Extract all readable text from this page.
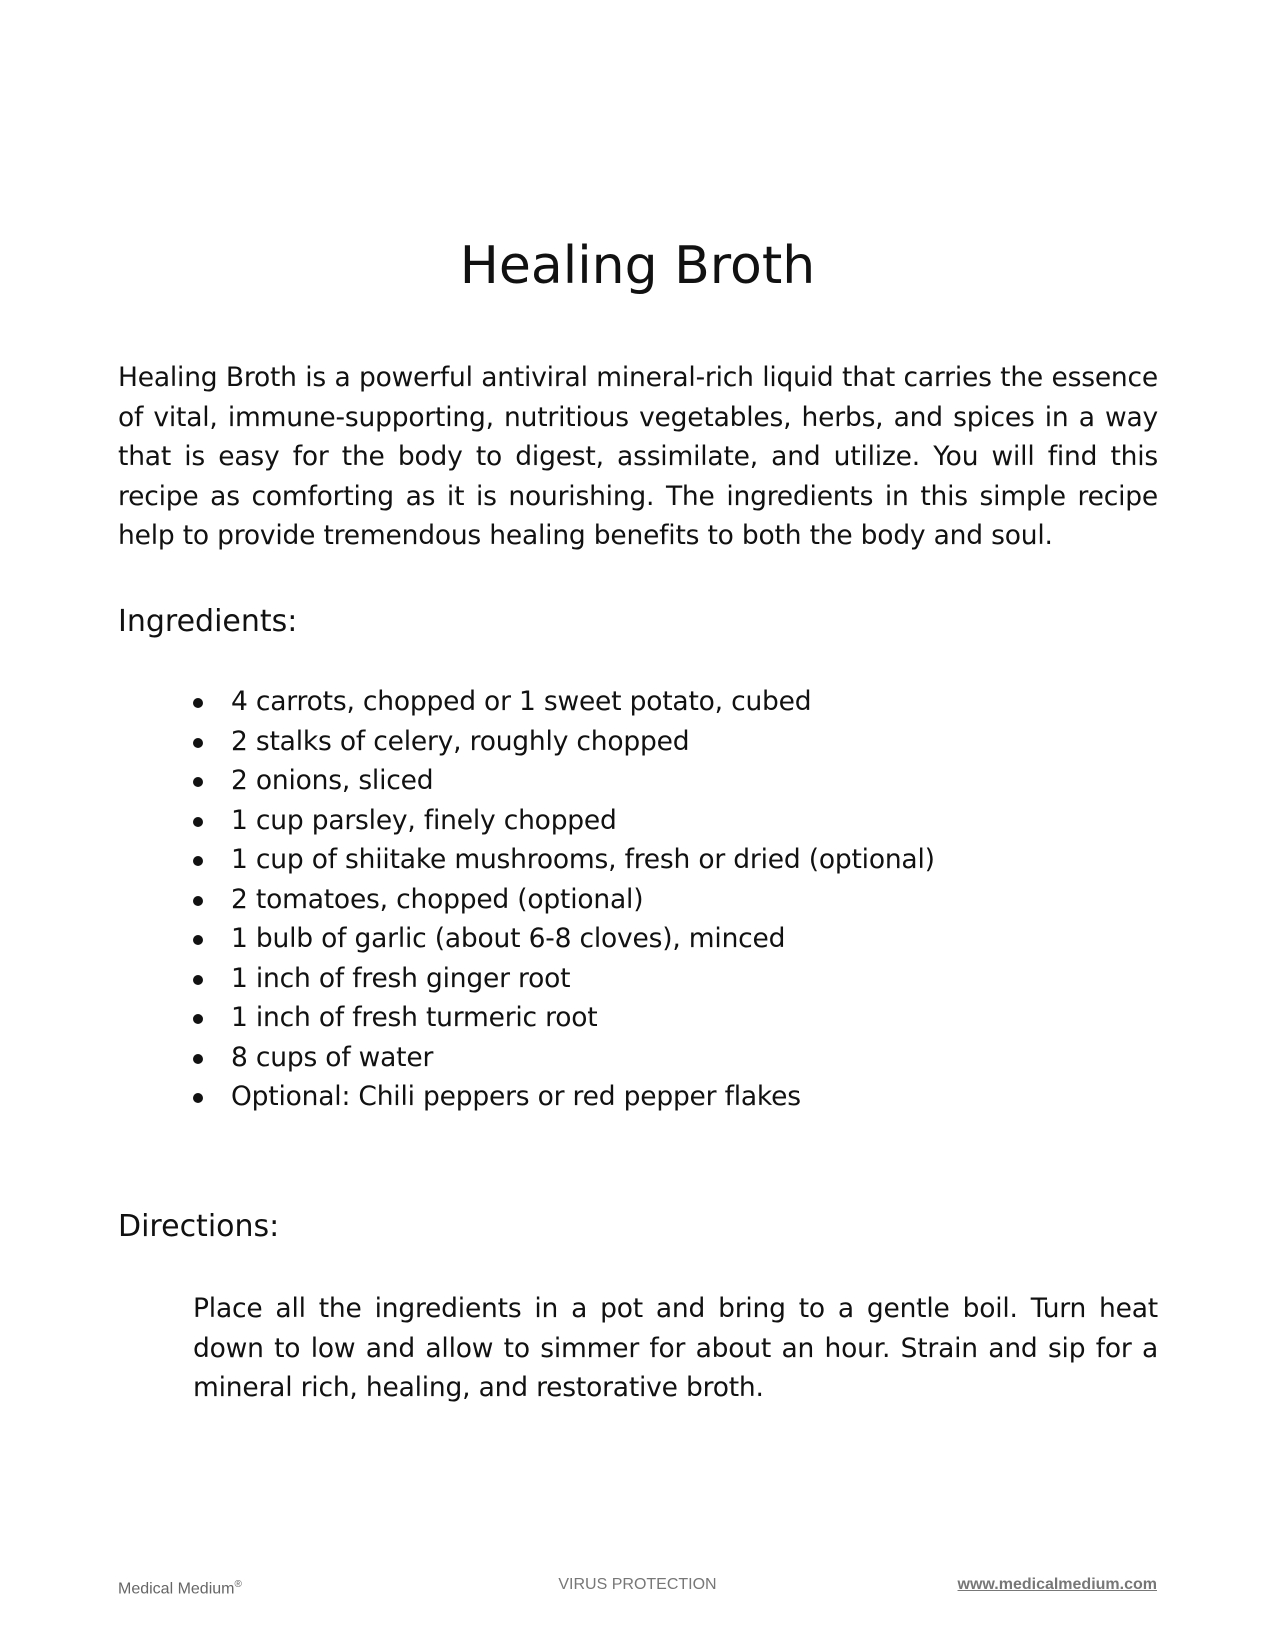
Healing Broth

Healing Broth is a powerful antiviral mineral-rich liquid that carries the essence of vital, immune-supporting, nutritious vegetables, herbs, and spices in a way that is easy for the body to digest, assimilate, and utilize. You will find this recipe as comforting as it is nourishing. The ingredients in this simple recipe help to provide tremendous healing benefits to both the body and soul.

Ingredients:
4 carrots, chopped or 1 sweet potato, cubed
2 stalks of celery, roughly chopped
2 onions, sliced
1 cup parsley, finely chopped
1 cup of shiitake mushrooms, fresh or dried (optional)
2 tomatoes, chopped (optional)
1 bulb of garlic (about 6-8 cloves), minced
1 inch of fresh ginger root
1 inch of fresh turmeric root
8 cups of water
Optional: Chili peppers or red pepper flakes
Directions:

Place all the ingredients in a pot and bring to a gentle boil. Turn heat down to low and allow to simmer for about an hour. Strain and sip for a mineral rich, healing, and restorative broth.

Medical Medium®	VIRUS PROTECTION	www.medicalmedium.com
